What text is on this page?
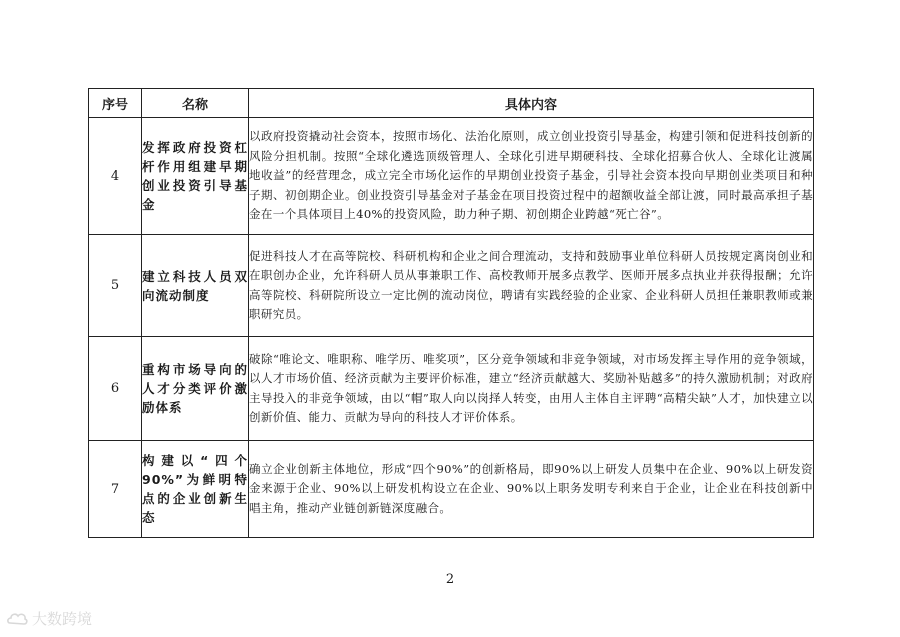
序号	名称	具体内容
4	发挥政府投资杠杆作用组建早期创业投资引导基金	以政府投资撬动社会资本，按照市场化、法治化原则，成立创业投资引导基金，构建引领和促进科技创新的风险分担机制。按照“全球化遴选顶级管理人、全球化引进早期硬科技、全球化招募合伙人、全球化让渡属地收益”的经营理念，成立完全市场化运作的早期创业投资子基金，引导社会资本投向早期创业类项目和种子期、初创期企业。创业投资引导基金对子基金在项目投资过程中的超额收益全部让渡，同时最高承担子基金在一个具体项目上40%的投资风险，助力种子期、初创期企业跨越“死亡谷”。
5	建立科技人员双向流动制度	促进科技人才在高等院校、科研机构和企业之间合理流动，支持和鼓励事业单位科研人员按规定离岗创业和在职创办企业，允许科研人员从事兼职工作、高校教师开展多点教学、医师开展多点执业并获得报酬；允许高等院校、科研院所设立一定比例的流动岗位，聘请有实践经验的企业家、企业科研人员担任兼职教师或兼职研究员。
6	重构市场导向的人才分类评价激励体系	破除“唯论文、唯职称、唯学历、唯奖项”，区分竞争领域和非竞争领域，对市场发挥主导作用的竞争领域，以人才市场价值、经济贡献为主要评价标准，建立“经济贡献越大、奖励补贴越多”的持久激励机制；对政府主导投入的非竞争领域，由以“帽”取人向以岗择人转变，由用人主体自主评聘“高精尖缺”人才，加快建立以创新价值、能力、贡献为导向的科技人才评价体系。
7	构建以“四个90%”为鲜明特点的企业创新生态	确立企业创新主体地位，形成“四个90%”的创新格局，即90%以上研发人员集中在企业、90%以上研发资金来源于企业、90%以上研发机构设立在企业、90%以上职务发明专利来自于企业，让企业在科技创新中唱主角，推动产业链创新链深度融合。
2
大数跨境
